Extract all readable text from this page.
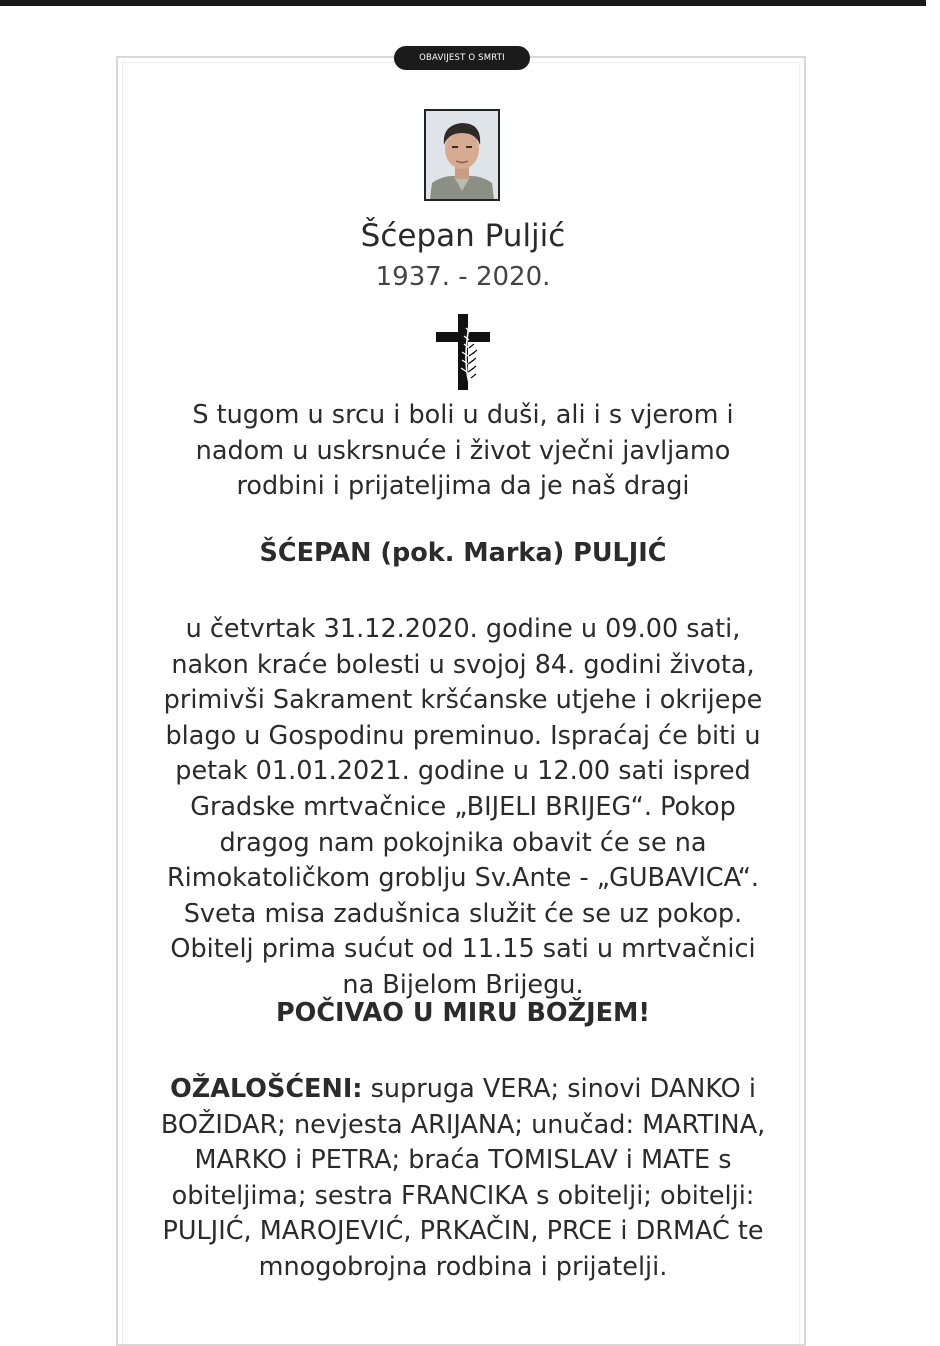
OBAVIJEST O SMRTI
Šćepan Puljić
1937. - 2020.

S tugom u srcu i boli u duši, ali i s vjerom i nadom u uskrsnuće i život vječni javljamo rodbini i prijateljima da je naš dragi

ŠĆEPAN (pok. Marka) PULJIĆ

u četvrtak 31.12.2020. godine u 09.00 sati, nakon kraće bolesti u svojoj 84. godini života, primivši Sakrament kršćanske utjehe i okrijepe blago u Gospodinu preminuo. Ispraćaj će biti u petak 01.01.2021. godine u 12.00 sati ispred Gradske mrtvačnice „BIJELI BRIJEG“. Pokop dragog nam pokojnika obavit će se na Rimokatoličkom groblju Sv.Ante - „GUBAVICA“. Sveta misa zadušnica služit će se uz pokop. Obitelj prima sućut od 11.15 sati u mrtvačnici na Bijelom Brijegu.

POČIVAO U MIRU BOŽJEM!

OŽALOŠĆENI: supruga VERA; sinovi DANKO i BOŽIDAR; nevjesta ARIJANA; unučad: MARTINA, MARKO i PETRA; braća TOMISLAV i MATE s obiteljima; sestra FRANCIKA s obitelji; obitelji: PULJIĆ, MAROJEVIĆ, PRKAČIN, PRCE i DRMAĆ te mnogobrojna rodbina i prijatelji.
